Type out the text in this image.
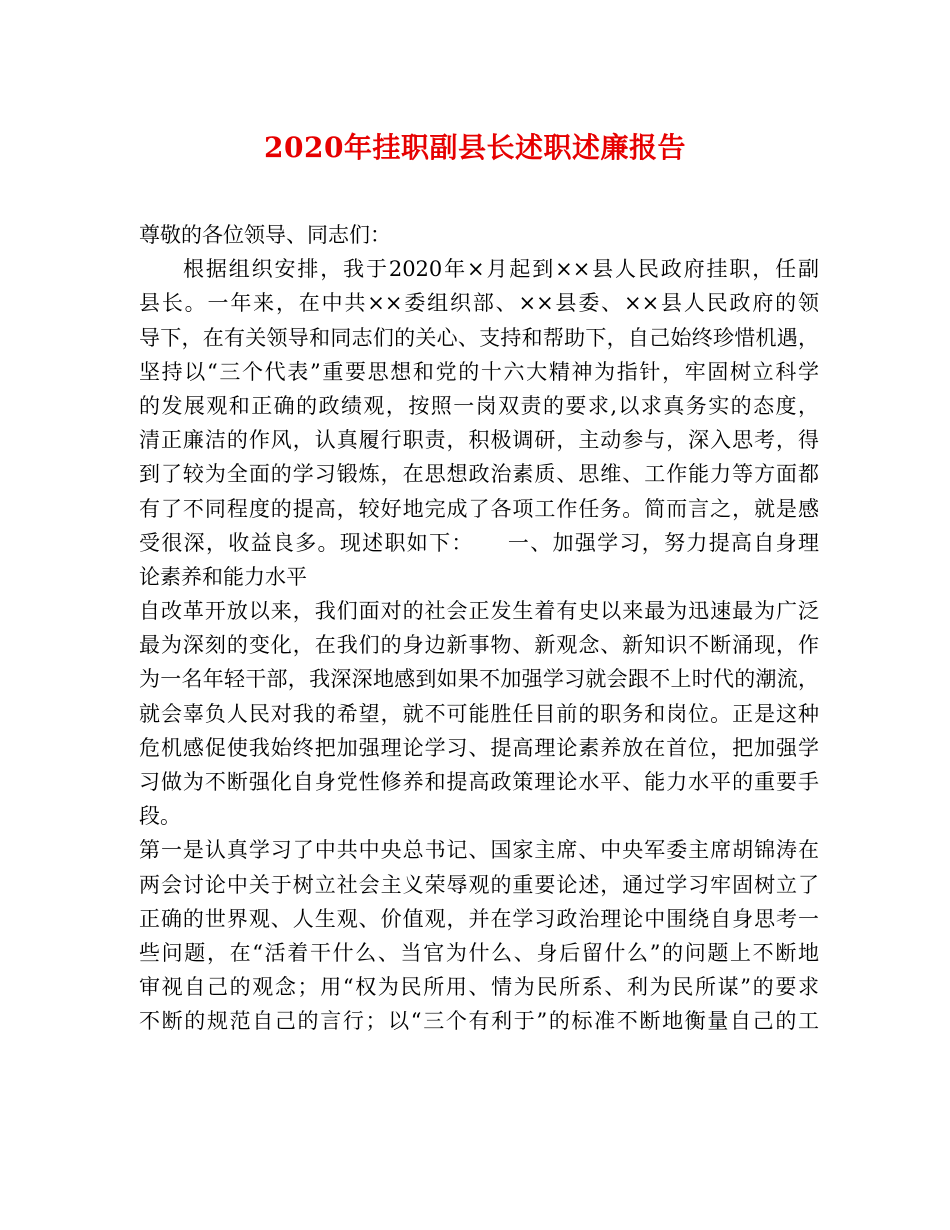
2020年挂职副县长述职述廉报告
尊敬的各位领导、同志们：
根据组织安排，我于2020年×月起到××县人民政府挂职，任副
县长。一年来，在中共××委组织部、××县委、××县人民政府的领
导下，在有关领导和同志们的关心、支持和帮助下，自己始终珍惜机遇，
坚持以“三个代表”重要思想和党的十六大精神为指针，牢固树立科学
的发展观和正确的政绩观，按照一岗双责的要求,以求真务实的态度，
清正廉洁的作风，认真履行职责，积极调研，主动参与，深入思考，得
到了较为全面的学习锻炼，在思想政治素质、思维、工作能力等方面都
有了不同程度的提高，较好地完成了各项工作任务。简而言之，就是感
受很深，收益良多。现述职如下：　　一、加强学习，努力提高自身理
论素养和能力水平
自改革开放以来，我们面对的社会正发生着有史以来最为迅速最为广泛
最为深刻的变化，在我们的身边新事物、新观念、新知识不断涌现，作
为一名年轻干部，我深深地感到如果不加强学习就会跟不上时代的潮流，
就会辜负人民对我的希望，就不可能胜任目前的职务和岗位。正是这种
危机感促使我始终把加强理论学习、提高理论素养放在首位，把加强学
习做为不断强化自身党性修养和提高政策理论水平、能力水平的重要手
段。
第一是认真学习了中共中央总书记、国家主席、中央军委主席胡锦涛在
两会讨论中关于树立社会主义荣辱观的重要论述，通过学习牢固树立了
正确的世界观、人生观、价值观，并在学习政治理论中围绕自身思考一
些问题，在“活着干什么、当官为什么、身后留什么”的问题上不断地
审视自己的观念；用“权为民所用、情为民所系、利为民所谋”的要求
不断的规范自己的言行；以“三个有利于”的标准不断地衡量自己的工
